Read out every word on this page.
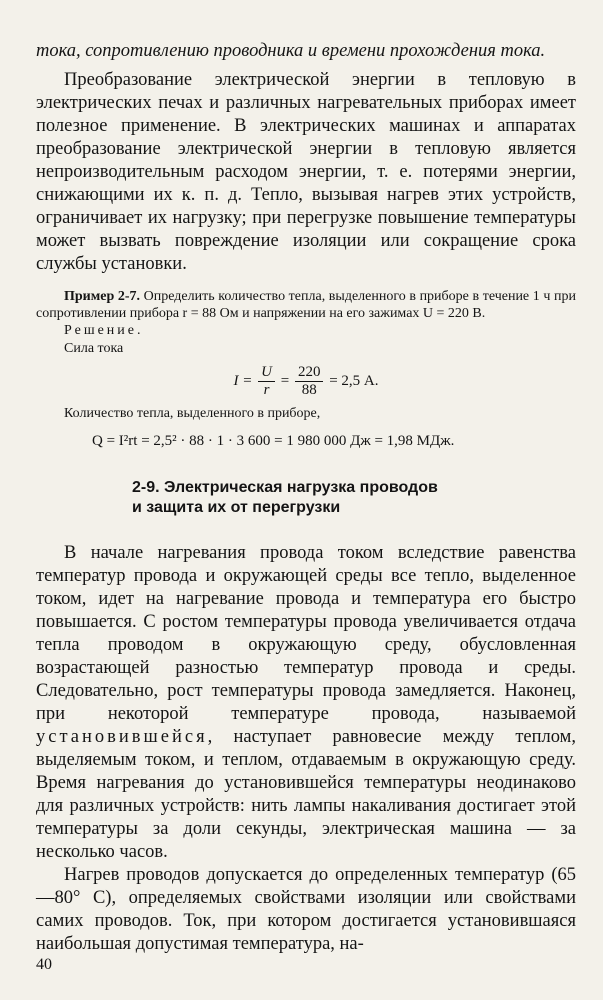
тока, сопротивлению проводника и времени прохождения тока.

Преобразование электрической энергии в тепловую в электрических печах и различных нагревательных приборах имеет полезное применение. В электрических машинах и аппаратах преобразование электрической энергии в тепловую является непроизводительным расходом энергии, т. е. потерями энергии, снижающими их к. п. д. Тепло, вызывая нагрев этих устройств, ограничивает их нагрузку; при перегрузке повышение температуры может вызвать повреждение изоляции или сокращение срока службы установки.

Пример 2-7. Определить количество тепла, выделенного в приборе в течение 1 ч при сопротивлении прибора r = 88 Ом и напряжении на его зажимах U = 220 В.

Решение.
Сила тока
$I = \frac{U}{r} = \frac{220}{88} = 2,5$ А.
Количество тепла, выделенного в приборе,
Q = I²rt = 2,5² · 88 · 1 · 3 600 = 1 980 000 Дж = 1,98 МДж.
2-9. Электрическая нагрузка проводов
и защита их от перегрузки

В начале нагревания провода током вследствие равенства температур провода и окружающей среды все тепло, выделенное током, идет на нагревание провода и температура его быстро повышается. С ростом температуры провода увеличивается отдача тепла проводом в окружающую среду, обусловленная возрастающей разностью температур провода и среды. Следовательно, рост температуры провода замедляется. Наконец, при некоторой температуре провода, называемой установившейся, наступает равновесие между теплом, выделяемым током, и теплом, отдаваемым в окружающую среду. Время нагревания до установившейся температуры неодинаково для различных устройств: нить лампы накаливания достигает этой температуры за доли секунды, электрическая машина — за несколько часов.

Нагрев проводов допускается до определенных температур (65—80° С), определяемых свойствами изоляции или свойствами самих проводов. Ток, при котором достигается установившаяся наибольшая допустимая температура, на-

40
